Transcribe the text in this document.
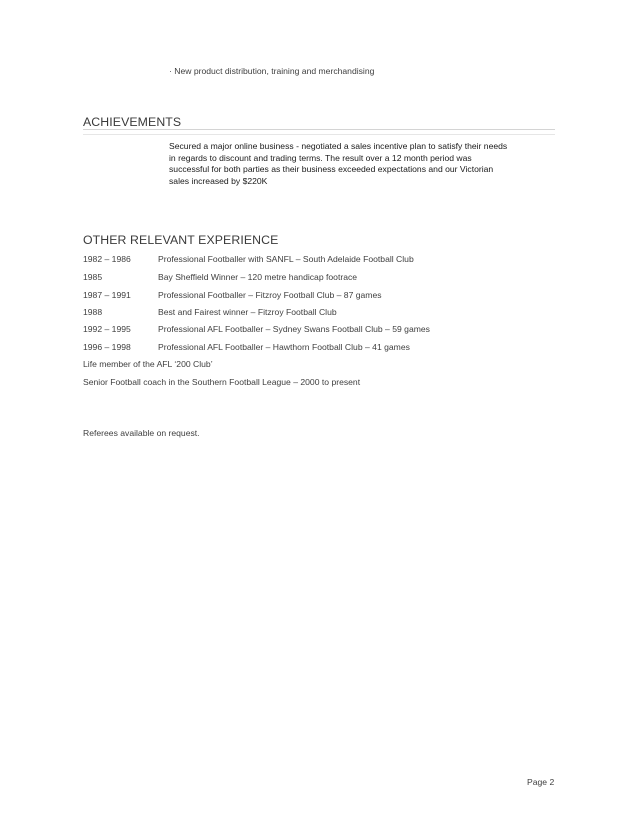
· New product distribution, training and merchandising
ACHIEVEMENTS
Secured a major online business - negotiated a sales incentive plan to satisfy their needs
in regards to discount and trading terms. The result over a 12 month period was
successful for both parties as their business exceeded expectations and our Victorian
sales increased by $220K
OTHER RELEVANT EXPERIENCE
1982 – 1986	Professional Footballer with SANFL – South Adelaide Football Club
1985	Bay Sheffield Winner – 120 metre handicap footrace
1987 – 1991	Professional Footballer – Fitzroy Football Club – 87 games
1988	Best and Fairest winner – Fitzroy Football Club
1992 – 1995	Professional AFL Footballer – Sydney Swans Football Club – 59 games
1996 – 1998	Professional AFL Footballer – Hawthorn Football Club – 41 games
Life member of the AFL ‘200 Club’
Senior Football coach in the Southern Football League – 2000 to present
Referees available on request.
Page 2
